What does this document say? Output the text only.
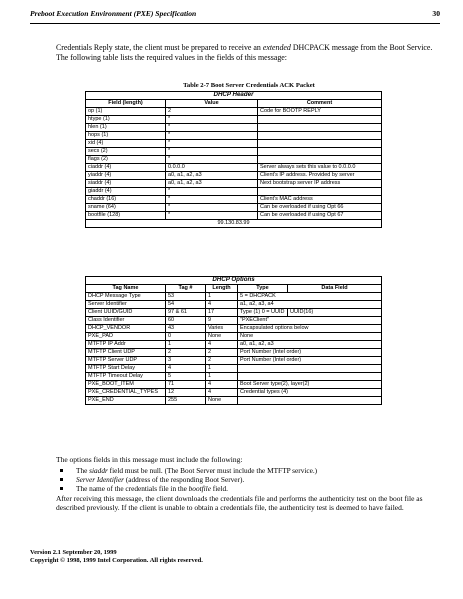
Preboot Execution Environment (PXE) Specification	30
Credentials Reply state, the client must be prepared to receive an extended DHCPACK message from the Boot Service. The following table lists the required values in the fields of this message:
Table 2-7 Boot Server Credentials ACK Packet
DHCP Header		
Field (length)	Value	Comment
op (1)	2	Code for BOOTP REPLY
htype (1)	*	
hlen (1)	*	
hops (1)	*	
xid (4)	*	
secs (2)	*	
flags (2)	*	
ciaddr (4)	0.0.0.0	Server always sets this value to 0.0.0.0
yiaddr (4)	a0, a1, a2, a3	Client's IP address. Provided by server
siaddr (4)	a0, a1, a2, a3	Next bootstrap server IP address
giaddr (4)	*	
chaddr (16)	*	Client's MAC address
sname (64)	*	Can be overloaded if using Opt 66
bootfile (128)	*	Can be overloaded if using Opt 67
99.130.83.99		
DHCP Options				
Tag Name	Tag #	Length	Type	Data Field
DHCP Message Type	53	1	5 = DHCPACK	
Server Identifier	54	4	a1, a2, a3, a4	
Client UUID/GUID	97 & 61	17	Type (1) 0 = UUID	UUID(16)
Class Identifier	60	9	"PXEClient"	
DHCP_VENDOR	43	Varies	Encapsulated options below	
PXE_PAD	0	None	None	
MTFTP IP Addr	1	4	a0, a1, a2, a3	
MTFTP Client UDP	2	2	Port Number (Intel order)	
MTFTP Server UDP	3	2	Port Number (Intel order)	
MTFTP Start Delay	4	1		
MTFTP Timeout Delay	5	1		
PXE_BOOT_ITEM	71	4	Boot Server type(2), layer(2)	
PXE_CREDENTIAL_TYPES	12	4	Credential types (4)	
PXE_END	255	None		
The options fields in this message must include the following:
The siaddr field must be null. (The Boot Server must include the MTFTP service.)
Server Identifier (address of the responding Boot Server).
The name of the credentials file in the bootfile field.
After receiving this message, the client downloads the credentials file and performs the authenticity test on the boot file as described previously. If the client is unable to obtain a credentials file, the authenticity test is deemed to have failed.
Version 2.1 September 20, 1999
Copyright © 1998, 1999 Intel Corporation. All rights reserved.
